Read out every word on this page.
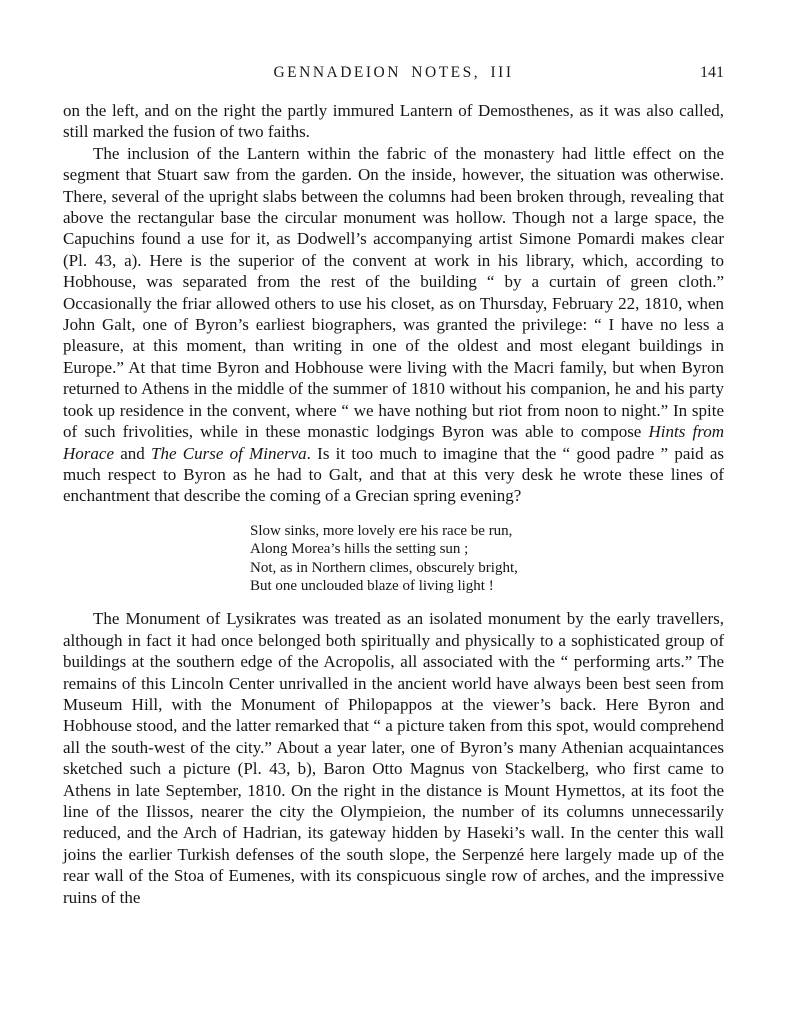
GENNADEION NOTES, III	141

on the left, and on the right the partly immured Lantern of Demosthenes, as it was also called, still marked the fusion of two faiths.

The inclusion of the Lantern within the fabric of the monastery had little effect on the segment that Stuart saw from the garden. On the inside, however, the situation was otherwise. There, several of the upright slabs between the columns had been broken through, revealing that above the rectangular base the circular monument was hollow. Though not a large space, the Capuchins found a use for it, as Dodwell’s accompanying artist Simone Pomardi makes clear (Pl. 43, a). Here is the superior of the convent at work in his library, which, according to Hobhouse, was separated from the rest of the building “ by a curtain of green cloth.” Occasionally the friar allowed others to use his closet, as on Thursday, February 22, 1810, when John Galt, one of Byron’s earliest biographers, was granted the privilege: “ I have no less a pleasure, at this moment, than writing in one of the oldest and most elegant buildings in Europe.” At that time Byron and Hobhouse were living with the Macri family, but when Byron returned to Athens in the middle of the summer of 1810 without his companion, he and his party took up residence in the convent, where “ we have nothing but riot from noon to night.” In spite of such frivolities, while in these monastic lodgings Byron was able to compose Hints from Horace and The Curse of Minerva. Is it too much to imagine that the “ good padre ” paid as much respect to Byron as he had to Galt, and that at this very desk he wrote these lines of enchantment that describe the coming of a Grecian spring evening?

Slow sinks, more lovely ere his race be run,
Along Morea’s hills the setting sun ;
Not, as in Northern climes, obscurely bright,
But one unclouded blaze of living light !

The Monument of Lysikrates was treated as an isolated monument by the early travellers, although in fact it had once belonged both spiritually and physically to a sophisticated group of buildings at the southern edge of the Acropolis, all associated with the “ performing arts.” The remains of this Lincoln Center unrivalled in the ancient world have always been best seen from Museum Hill, with the Monument of Philopappos at the viewer’s back. Here Byron and Hobhouse stood, and the latter remarked that “ a picture taken from this spot, would comprehend all the south-west of the city.” About a year later, one of Byron’s many Athenian acquaintances sketched such a picture (Pl. 43, b), Baron Otto Magnus von Stackelberg, who first came to Athens in late September, 1810. On the right in the distance is Mount Hymettos, at its foot the line of the Ilissos, nearer the city the Olympieion, the number of its columns unnecessarily reduced, and the Arch of Hadrian, its gateway hidden by Haseki’s wall. In the center this wall joins the earlier Turkish defenses of the south slope, the Serpenzé here largely made up of the rear wall of the Stoa of Eumenes, with its conspicuous single row of arches, and the impressive ruins of the
